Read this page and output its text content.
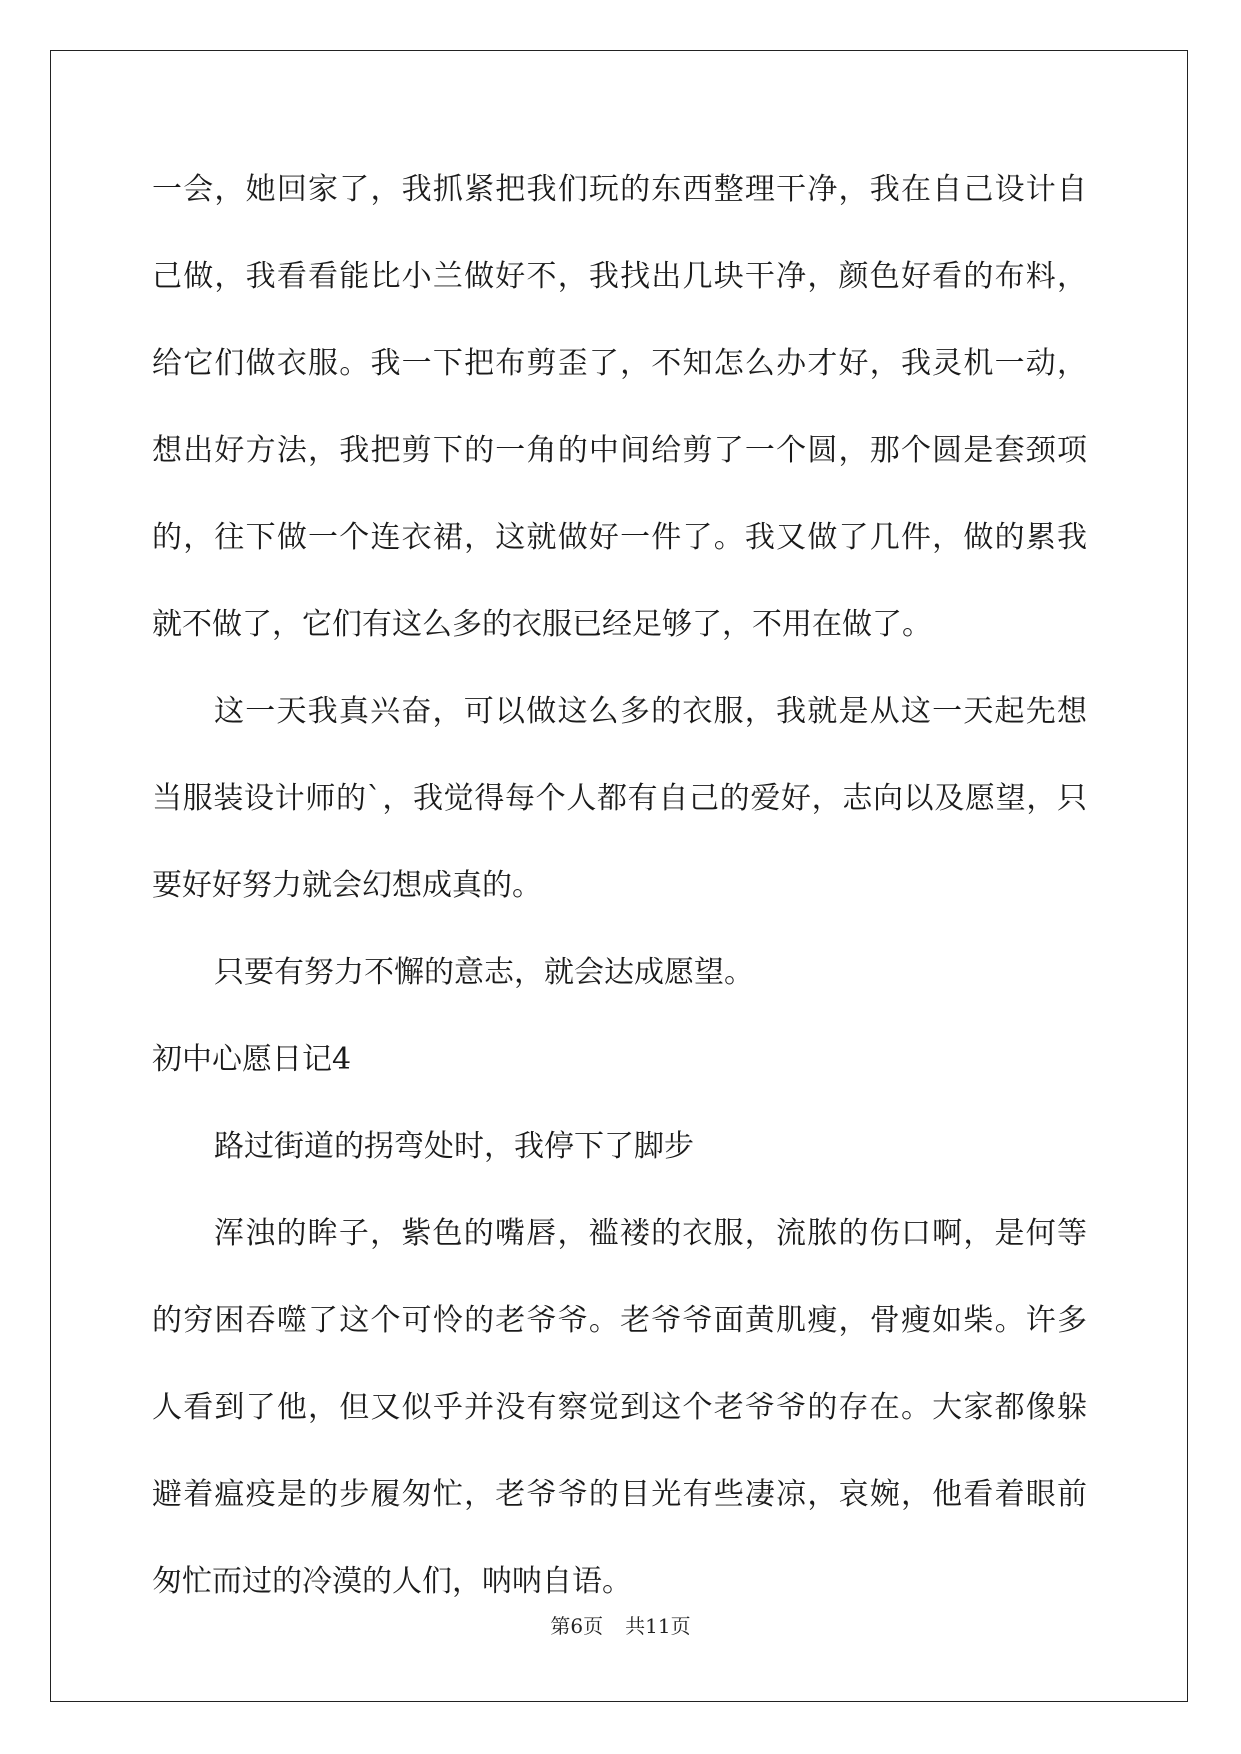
一会，她回家了，我抓紧把我们玩的东西整理干净，我在自己设计自
己做，我看看能比小兰做好不，我找出几块干净，颜色好看的布料，
给它们做衣服。我一下把布剪歪了，不知怎么办才好，我灵机一动，
想出好方法，我把剪下的一角的中间给剪了一个圆，那个圆是套颈项
的，往下做一个连衣裙，这就做好一件了。我又做了几件，做的累我
就不做了，它们有这么多的衣服已经足够了，不用在做了。
这一天我真兴奋，可以做这么多的衣服，我就是从这一天起先想
当服装设计师的`，我觉得每个人都有自己的爱好，志向以及愿望，只
要好好努力就会幻想成真的。
只要有努力不懈的意志，就会达成愿望。
初中心愿日记4
路过街道的拐弯处时，我停下了脚步
浑浊的眸子，紫色的嘴唇，褴褛的衣服，流脓的伤口啊，是何等
的穷困吞噬了这个可怜的老爷爷。老爷爷面黄肌瘦，骨瘦如柴。许多
人看到了他，但又似乎并没有察觉到这个老爷爷的存在。大家都像躲
避着瘟疫是的步履匆忙，老爷爷的目光有些凄凉，哀婉，他看着眼前
匆忙而过的冷漠的人们，呐呐自语。
第6页 共11页
